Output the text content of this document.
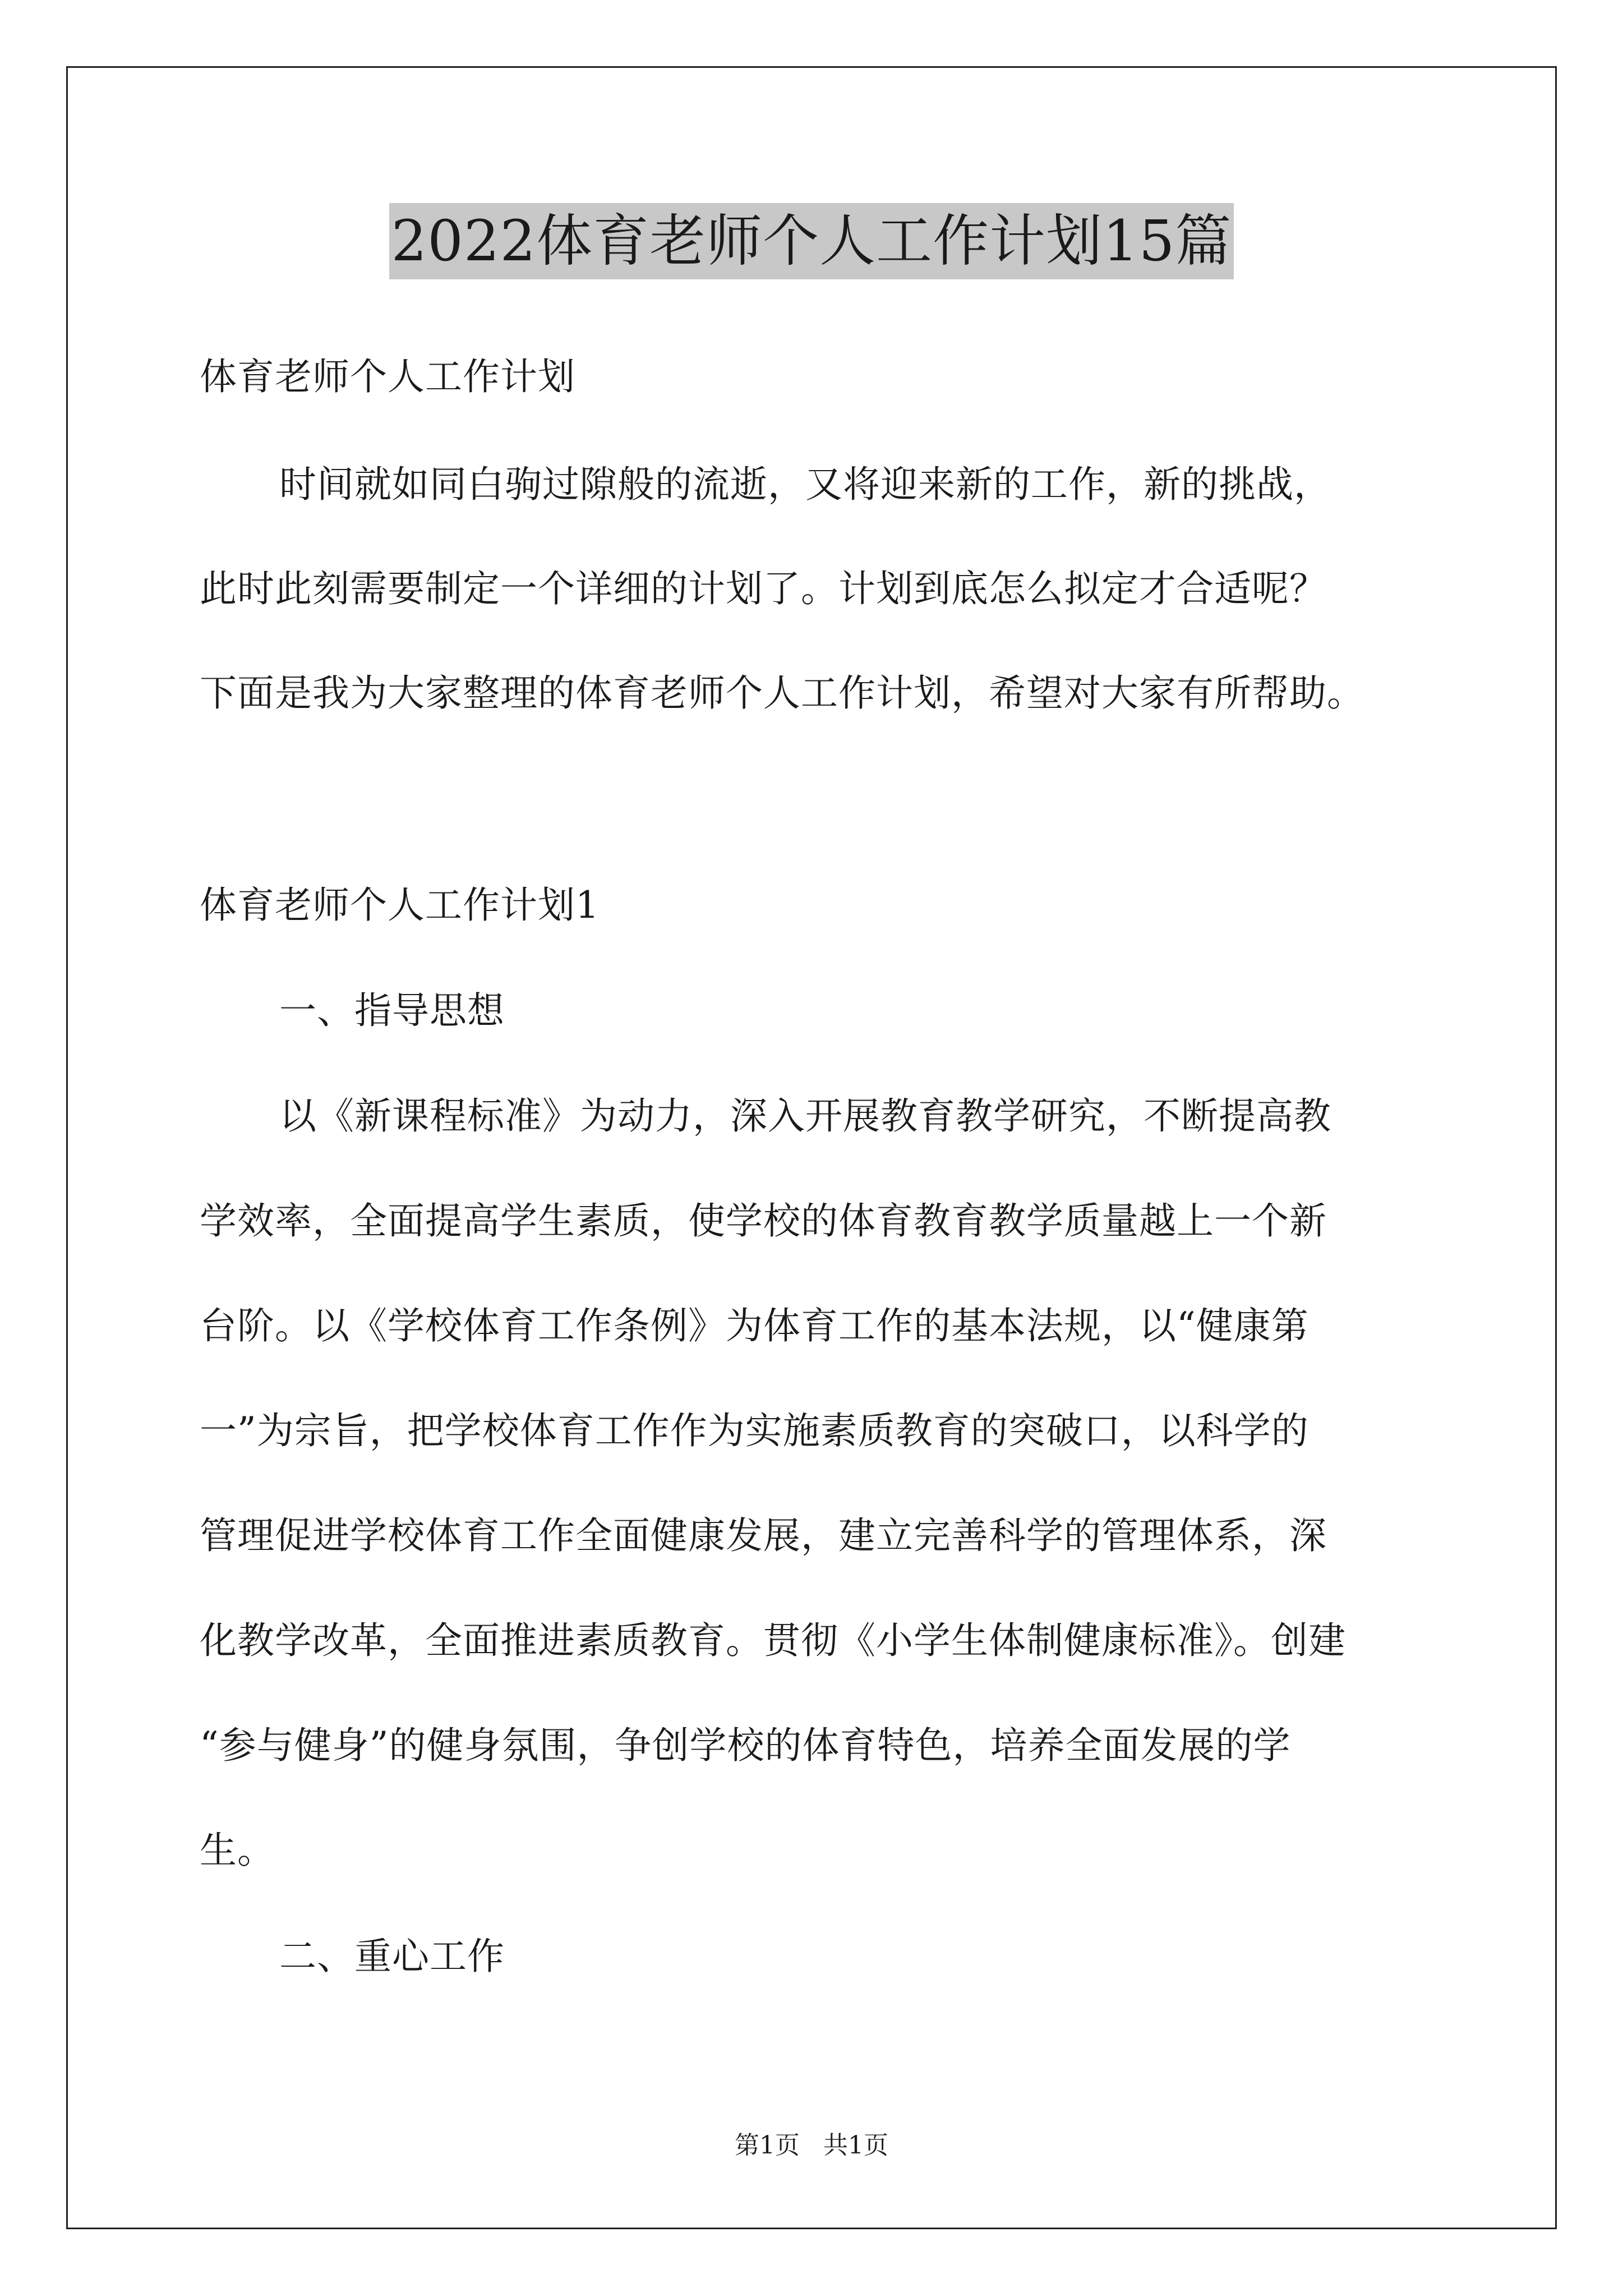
2022体育老师个人工作计划15篇
体育老师个人工作计划
时间就如同白驹过隙般的流逝，又将迎来新的工作，新的挑战，
此时此刻需要制定一个详细的计划了。计划到底怎么拟定才合适呢？
下面是我为大家整理的体育老师个人工作计划，希望对大家有所帮助。
体育老师个人工作计划1
一、指导思想
以《新课程标准》为动力，深入开展教育教学研究，不断提高教
学效率，全面提高学生素质，使学校的体育教育教学质量越上一个新
台阶。以《学校体育工作条例》为体育工作的基本法规，以“健康第
一”为宗旨，把学校体育工作作为实施素质教育的突破口，以科学的
管理促进学校体育工作全面健康发展，建立完善科学的管理体系，深
化教学改革，全面推进素质教育。贯彻《小学生体制健康标准》。创建
“参与健身”的健身氛围，争创学校的体育特色，培养全面发展的学
生。
二、重心工作
第1页 共1页
